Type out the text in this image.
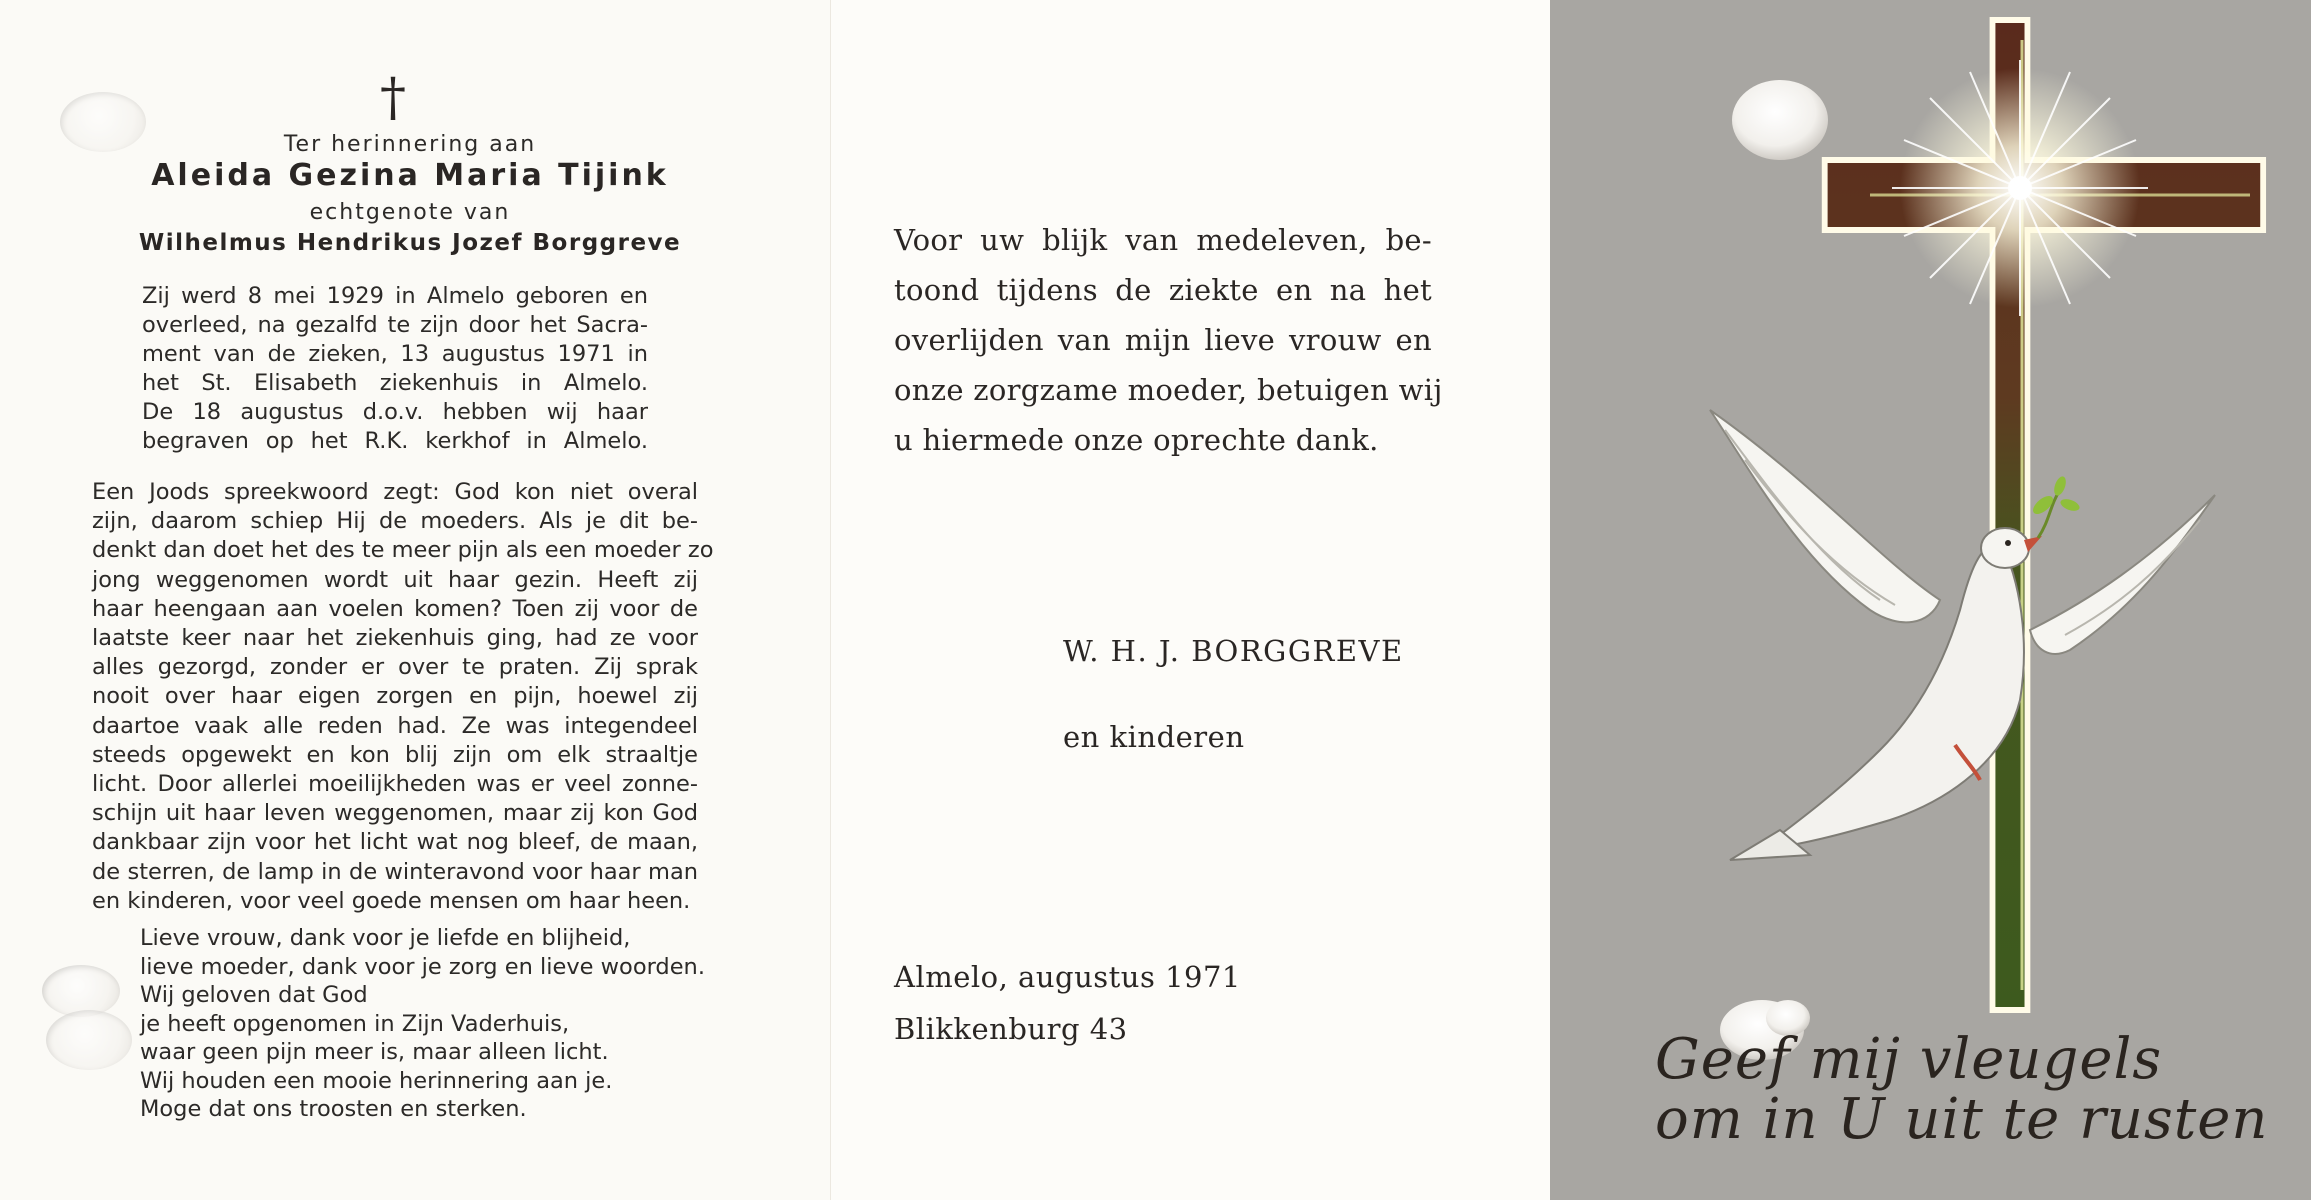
†
Ter herinnering aan
Aleida Gezina Maria Tijink
echtgenote van
Wilhelmus Hendrikus Jozef Borggreve
Zij werd 8 mei 1929 in Almelo geboren en
overleed, na gezalfd te zijn door het Sacra-
ment van de zieken, 13 augustus 1971 in
het St. Elisabeth ziekenhuis in Almelo.
De 18 augustus d.o.v. hebben wij haar
begraven op het R.K. kerkhof in Almelo.
Een Joods spreekwoord zegt: God kon niet overal
zijn, daarom schiep Hij de moeders. Als je dit be-
denkt dan doet het des te meer pijn als een moeder zo
jong weggenomen wordt uit haar gezin. Heeft zij
haar heengaan aan voelen komen? Toen zij voor de
laatste keer naar het ziekenhuis ging, had ze voor
alles gezorgd, zonder er over te praten. Zij sprak
nooit over haar eigen zorgen en pijn, hoewel zij
daartoe vaak alle reden had. Ze was integendeel
steeds opgewekt en kon blij zijn om elk straaltje
licht. Door allerlei moeilijkheden was er veel zonne-
schijn uit haar leven weggenomen, maar zij kon God
dankbaar zijn voor het licht wat nog bleef, de maan,
de sterren, de lamp in de winteravond voor haar man
en kinderen, voor veel goede mensen om haar heen.
Lieve vrouw, dank voor je liefde en blijheid,
lieve moeder, dank voor je zorg en lieve woorden.
Wij geloven dat God
je heeft opgenomen in Zijn Vaderhuis,
waar geen pijn meer is, maar alleen licht.
Wij houden een mooie herinnering aan je.
Moge dat ons troosten en sterken.
Voor uw blijk van medeleven, be-
toond tijdens de ziekte en na het
overlijden van mijn lieve vrouw en
onze zorgzame moeder, betuigen wij
u hiermede onze oprechte dank.
W. H. J. BORGGREVE
en kinderen
Almelo, augustus 1971
Blikkenburg 43	Geef mij vleugels
om in U uit te rusten
